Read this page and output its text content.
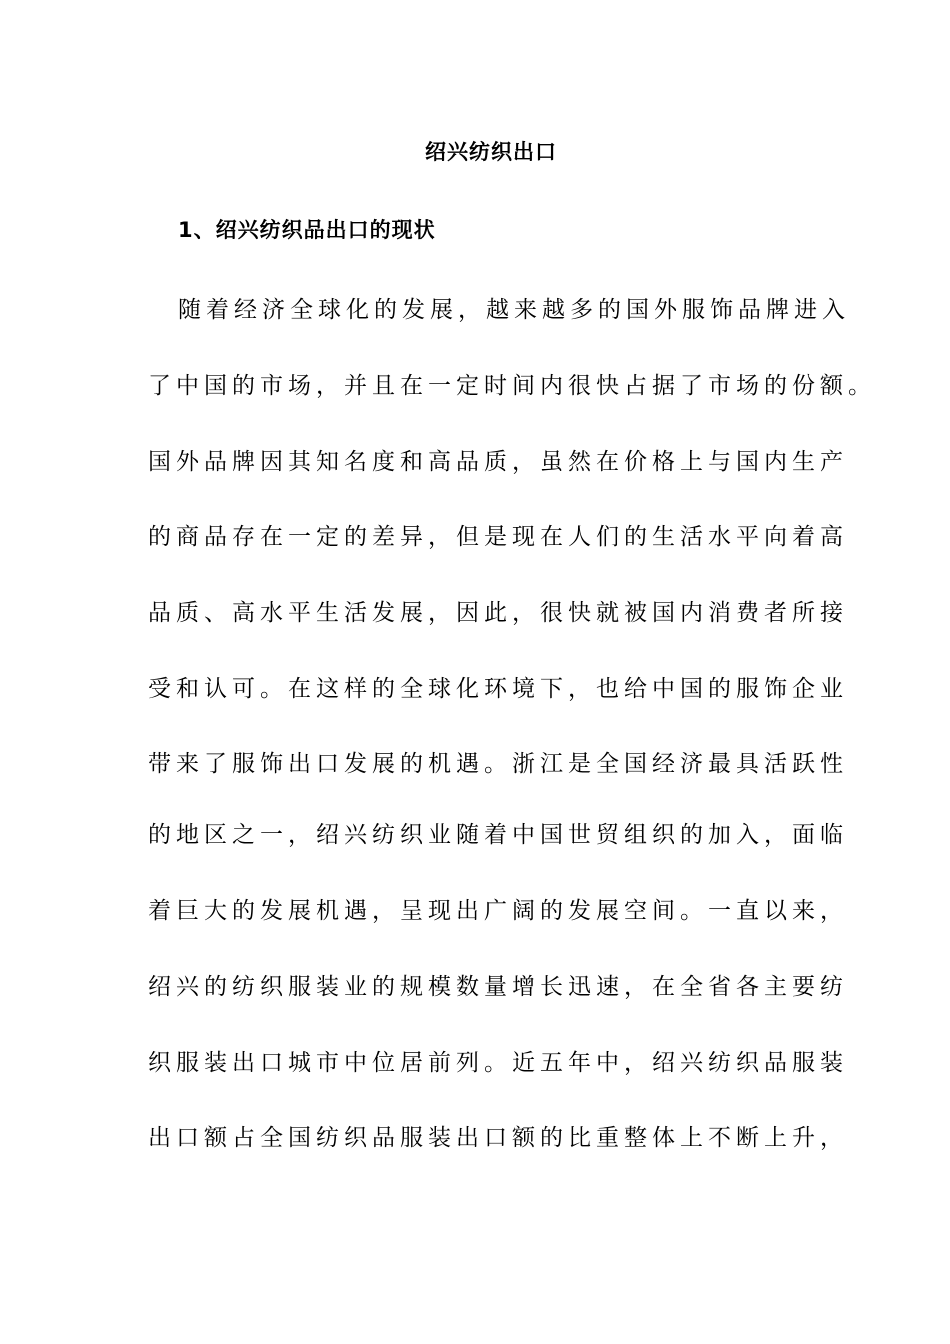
绍兴纺织出口
1、绍兴纺织品出口的现状
随着经济全球化的发展，越来越多的国外服饰品牌进入
了中国的市场，并且在一定时间内很快占据了市场的份额。
国外品牌因其知名度和高品质，虽然在价格上与国内生产
的商品存在一定的差异，但是现在人们的生活水平向着高
品质、高水平生活发展，因此，很快就被国内消费者所接
受和认可。在这样的全球化环境下，也给中国的服饰企业
带来了服饰出口发展的机遇。浙江是全国经济最具活跃性
的地区之一，绍兴纺织业随着中国世贸组织的加入，面临
着巨大的发展机遇，呈现出广阔的发展空间。一直以来，
绍兴的纺织服装业的规模数量增长迅速，在全省各主要纺
织服装出口城市中位居前列。近五年中，绍兴纺织品服装
出口额占全国纺织品服装出口额的比重整体上不断上升，
